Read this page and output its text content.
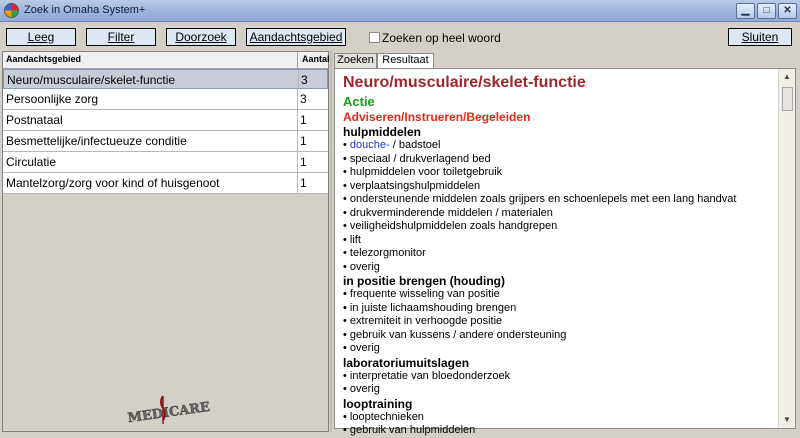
Zoek in Omaha System+	▁	□	✕
Leeg	Filter	Doorzoek	Aandachtsgebied	Zoeken op heel woord	Sluiten
Aandachtsgebied	Aantal
Neuro/musculaire/skelet-functie	3
Persoonlijke zorg	3
Postnataal	1
Besmettelijke/infectueuze conditie	1
Circulatie	1
Mantelzorg/zorg voor kind of huisgenoot	1
MEDICARE
Zoeken Resultaat
Neuro/musculaire/skelet-functie
Actie
Adviseren/Instrueren/Begeleiden
hulpmiddelen
• douche- / badstoel
• speciaal / drukverlagend bed
• hulpmiddelen voor toiletgebruik
• verplaatsingshulpmiddelen
• ondersteunende middelen zoals grijpers en schoenlepels met een lang handvat
• drukverminderende middelen / materialen
• veiligheidshulpmiddelen zoals handgrepen
• lift
• telezorgmonitor
• overig
in positie brengen (houding)
• frequente wisseling van positie
• in juiste lichaamshouding brengen
• extremiteit in verhoogde positie
• gebruik van kussens / andere ondersteuning
• overig
laboratoriumuitslagen
• interpretatie van bloedonderzoek
• overig
looptraining
• looptechnieken
• gebruik van hulpmiddelen
▲
▼
